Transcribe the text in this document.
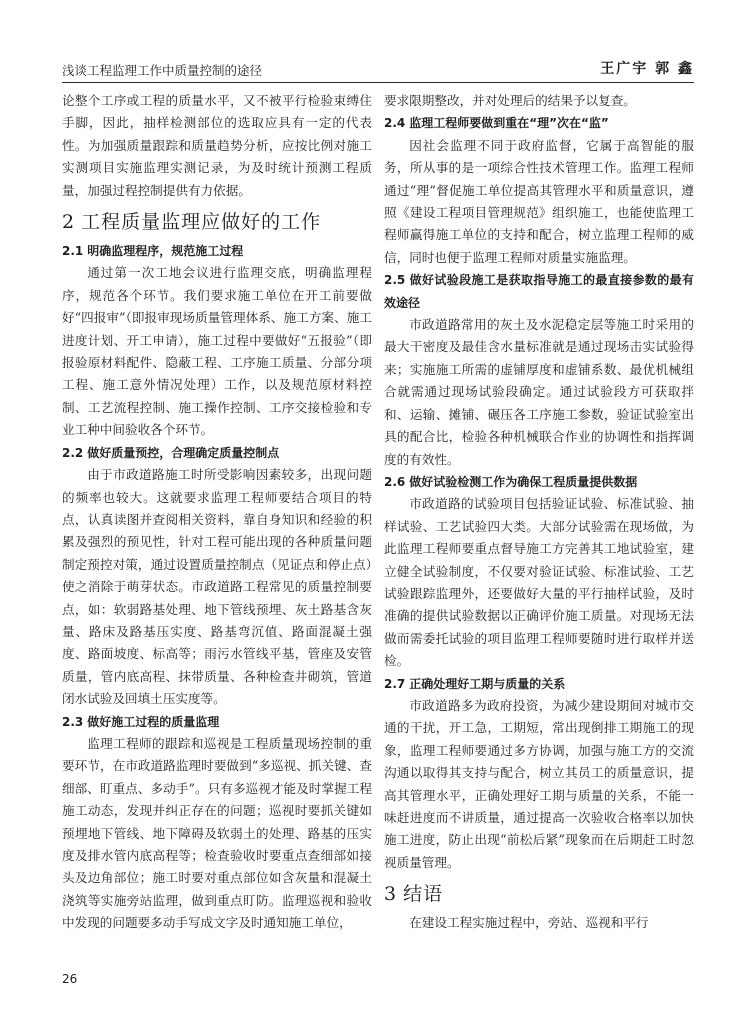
浅谈工程监理工作中质量控制的途径	王广宇 郭 鑫

论整个工序或工程的质量水平，又不被平行检验束缚住手脚，因此，抽样检测部位的选取应具有一定的代表性。为加强质量跟踪和质量趋势分析，应按比例对施工实测项目实施监理实测记录，为及时统计预测工程质量，加强过程控制提供有力依据。

2 工程质量监理应做好的工作
2.1 明确监理程序，规范施工过程

通过第一次工地会议进行监理交底，明确监理程序，规范各个环节。我们要求施工单位在开工前要做好“四报审”（即报审现场质量管理体系、施工方案、施工进度计划、开工申请），施工过程中要做好“五报验”（即报验原材料配件、隐蔽工程、工序施工质量、分部分项工程、施工意外情况处理）工作，以及规范原材料控制、工艺流程控制、施工操作控制、工序交接检验和专业工种中间验收各个环节。

2.2 做好质量预控，合理确定质量控制点

由于市政道路施工时所受影响因素较多，出现问题的频率也较大。这就要求监理工程师要结合项目的特点，认真读图并查阅相关资料，靠自身知识和经验的积累及强烈的预见性，针对工程可能出现的各种质量问题制定预控对策，通过设置质量控制点（见证点和停止点）使之消除于萌芽状态。市政道路工程常见的质量控制要点，如：软弱路基处理、地下管线预埋、灰土路基含灰量、路床及路基压实度、路基弯沉值、路面混凝土强度、路面坡度、标高等；雨污水管线平基，管座及安管质量，管内底高程、抹带质量、各种检查井砌筑，管道闭水试验及回填土压实度等。

2.3 做好施工过程的质量监理

监理工程师的跟踪和巡视是工程质量现场控制的重要环节，在市政道路监理时要做到“多巡视、抓关键、查细部、盯重点、多动手”。只有多巡视才能及时掌握工程施工动态，发现并纠正存在的问题；巡视时要抓关键如预埋地下管线、地下障碍及软弱土的处理、路基的压实度及排水管内底高程等；检查验收时要重点查细部如接头及边角部位；施工时要对重点部位如含灰量和混凝土浇筑等实施旁站监理，做到重点盯防。监理巡视和验收中发现的问题要多动手写成文字及时通知施工单位，

要求限期整改，并对处理后的结果予以复查。

2.4 监理工程师要做到重在“理”次在“监”

因社会监理不同于政府监督，它属于高智能的服务，所从事的是一项综合性技术管理工作。监理工程师通过“理”督促施工单位提高其管理水平和质量意识，遵照《建设工程项目管理规范》组织施工，也能使监理工程师赢得施工单位的支持和配合，树立监理工程师的威信，同时也便于监理工程师对质量实施监理。

2.5 做好试验段施工是获取指导施工的最直接参数的最有效途径

市政道路常用的灰土及水泥稳定层等施工时采用的最大干密度及最佳含水量标准就是通过现场击实试验得来；实施施工所需的虚铺厚度和虚铺系数、最优机械组合就需通过现场试验段确定。通过试验段方可获取拌和、运输、摊铺、碾压各工序施工参数，验证试验室出具的配合比，检验各种机械联合作业的协调性和指挥调度的有效性。

2.6 做好试验检测工作为确保工程质量提供数据

市政道路的试验项目包括验证试验、标准试验、抽样试验、工艺试验四大类。大部分试验需在现场做，为此监理工程师要重点督导施工方完善其工地试验室，建立健全试验制度，不仅要对验证试验、标准试验、工艺试验跟踪监理外，还要做好大量的平行抽样试验，及时准确的提供试验数据以正确评价施工质量。对现场无法做而需委托试验的项目监理工程师要随时进行取样并送检。

2.7 正确处理好工期与质量的关系

市政道路多为政府投资，为减少建设期间对城市交通的干扰，开工急，工期短，常出现倒排工期施工的现象，监理工程师要通过多方协调，加强与施工方的交流沟通以取得其支持与配合，树立其员工的质量意识，提高其管理水平，正确处理好工期与质量的关系，不能一味赶进度而不讲质量，通过提高一次验收合格率以加快施工进度，防止出现“前松后紧”现象而在后期赶工时忽视质量管理。

3 结语

在建设工程实施过程中，旁站、巡视和平行

26
